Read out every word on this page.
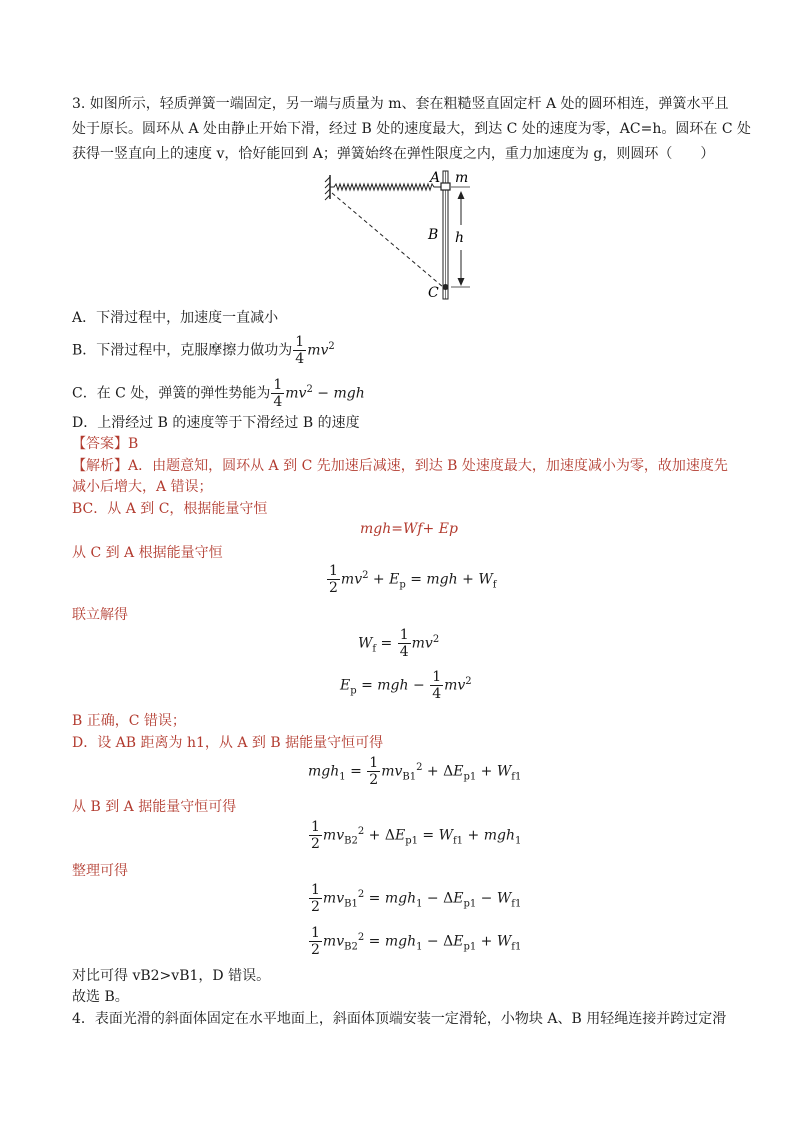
3. 如图所示，轻质弹簧一端固定，另一端与质量为 m、套在粗糙竖直固定杆 A 处的圆环相连，弹簧水平且
处于原长。圆环从 A 处由静止开始下滑，经过 B 处的速度最大，到达 C 处的速度为零，AC=h。圆环在 C 处
获得一竖直向上的速度 v，恰好能回到 A；弹簧始终在弹性限度之内，重力加速度为 g，则圆环（　　）
A m
B h
C
A．下滑过程中，加速度一直减小
B．下滑过程中，克服摩擦力做功为 $\frac{1}{4} mv^2$
C．在 C 处，弹簧的弹性势能为 $\frac{1}{4} mv^2$ − mgh
D．上滑经过 B 的速度等于下滑经过 B 的速度
【答案】B
【解析】A．由题意知，圆环从 A 到 C 先加速后减速，到达 B 处速度最大，加速度减小为零，故加速度先
减小后增大，A 错误；
BC．从 A 到 C，根据能量守恒
mgh=Wf+ Ep
从 C 到 A 根据能量守恒
$\frac{1}{2} mv^2 + E_p$ = mgh + $W_f$
联立解得
$W_f = \frac{1}{4} mv^2$
$E_p$ = mgh − $\frac{1}{4} mv^2$
B 正确，C 错误；
D．设 AB 距离为 h1，从 A 到 B 据能量守恒可得
$mgh_1 = \frac{1}{2} mv_{B1}^2 + \Delta E_{p1} + W_{f1}$
从 B 到 A 据能量守恒可得
$\frac{1}{2} mv_{B2}^2 + \Delta E_{p1} = W_{f1} + mgh_1$
整理可得
$\frac{1}{2} mv_{B1}^2 = mgh_1 - \Delta E_{p1} - W_{f1}$
$\frac{1}{2} mv_{B2}^2 = mgh_1 - \Delta E_{p1} + W_{f1}$
对比可得 vB2>vB1，D 错误。
故选 B。
4．表面光滑的斜面体固定在水平地面上，斜面体顶端安装一定滑轮，小物块 A、B 用轻绳连接并跨过定滑
